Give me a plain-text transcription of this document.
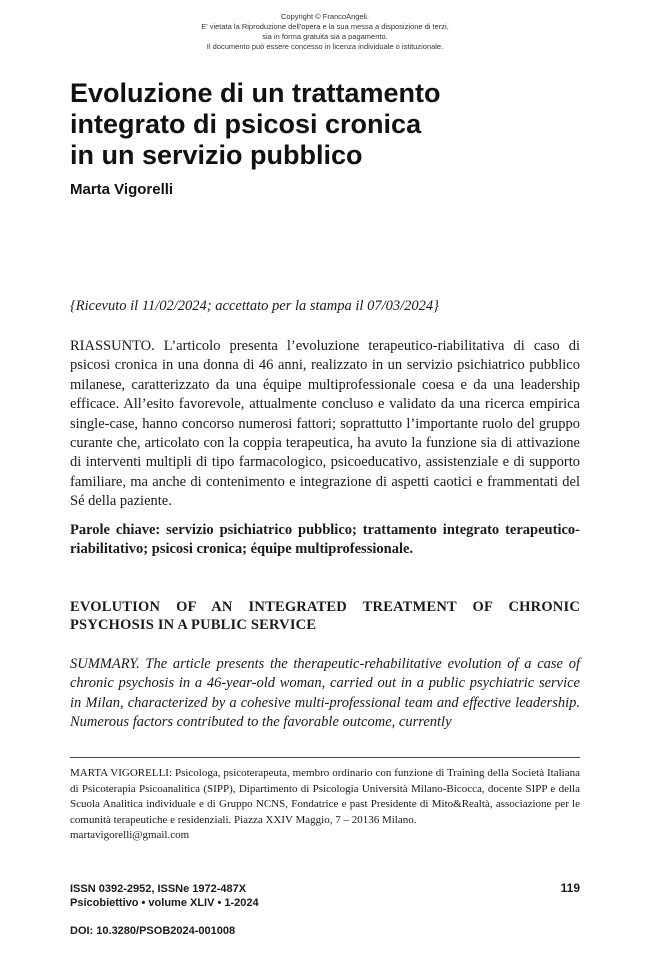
Copyright © FrancoAngeli.
E' vietata la Riproduzione dell'opera e la sua messa a disposizione di terzi,
sia in forma gratuita sia a pagamento.
Il documento può essere concesso in licenza individuale o istituzionale.
Evoluzione di un trattamento
integrato di psicosi cronica
in un servizio pubblico
Marta Vigorelli
{Ricevuto il 11/02/2024; accettato per la stampa il 07/03/2024}

RIASSUNTO. L’articolo presenta l’evoluzione terapeutico-riabilitativa di caso di psicosi cronica in una donna di 46 anni, realizzato in un servizio psichiatrico pubblico milanese, caratterizzato da una équipe multiprofessionale coesa e da una leadership efficace. All’esito favorevole, attualmente concluso e validato da una ricerca empirica single-case, hanno concorso numerosi fattori; soprattutto l’importante ruolo del gruppo curante che, articolato con la coppia terapeutica, ha avuto la funzione sia di attivazione di interventi multipli di tipo farmacologico, psicoeducativo, assistenziale e di supporto familiare, ma anche di contenimento e integrazione di aspetti caotici e frammentati del Sé della paziente.

Parole chiave: servizio psichiatrico pubblico; trattamento integrato terapeutico-riabilitativo; psicosi cronica; équipe multiprofessionale.

EVOLUTION OF AN INTEGRATED TREATMENT OF CHRONIC PSYCHOSIS IN A PUBLIC SERVICE

SUMMARY. The article presents the therapeutic-rehabilitative evolution of a case of chronic psychosis in a 46-year-old woman, carried out in a public psychiatric service in Milan, characterized by a cohesive multi-professional team and effective leadership. Numerous factors contributed to the favorable outcome, currently

MARTA VIGORELLI: Psicologa, psicoterapeuta, membro ordinario con funzione di Training della Società Italiana di Psicoterapia Psicoanalitica (SIPP), Dipartimento di Psicologia Università Milano-Bicocca, docente SIPP e della Scuola Analitica individuale e di Gruppo NCNS, Fondatrice e past Presidente di Mito&Realtà, associazione per le comunità terapeutiche e residenziali. Piazza XXIV Maggio, 7 – 20136 Milano.
martavigorelli@gmail.com

ISSN 0392-2952, ISSNe 1972-487X
Psicobiettivo • volume XLIV • 1-2024
119
DOI: 10.3280/PSOB2024-001008
